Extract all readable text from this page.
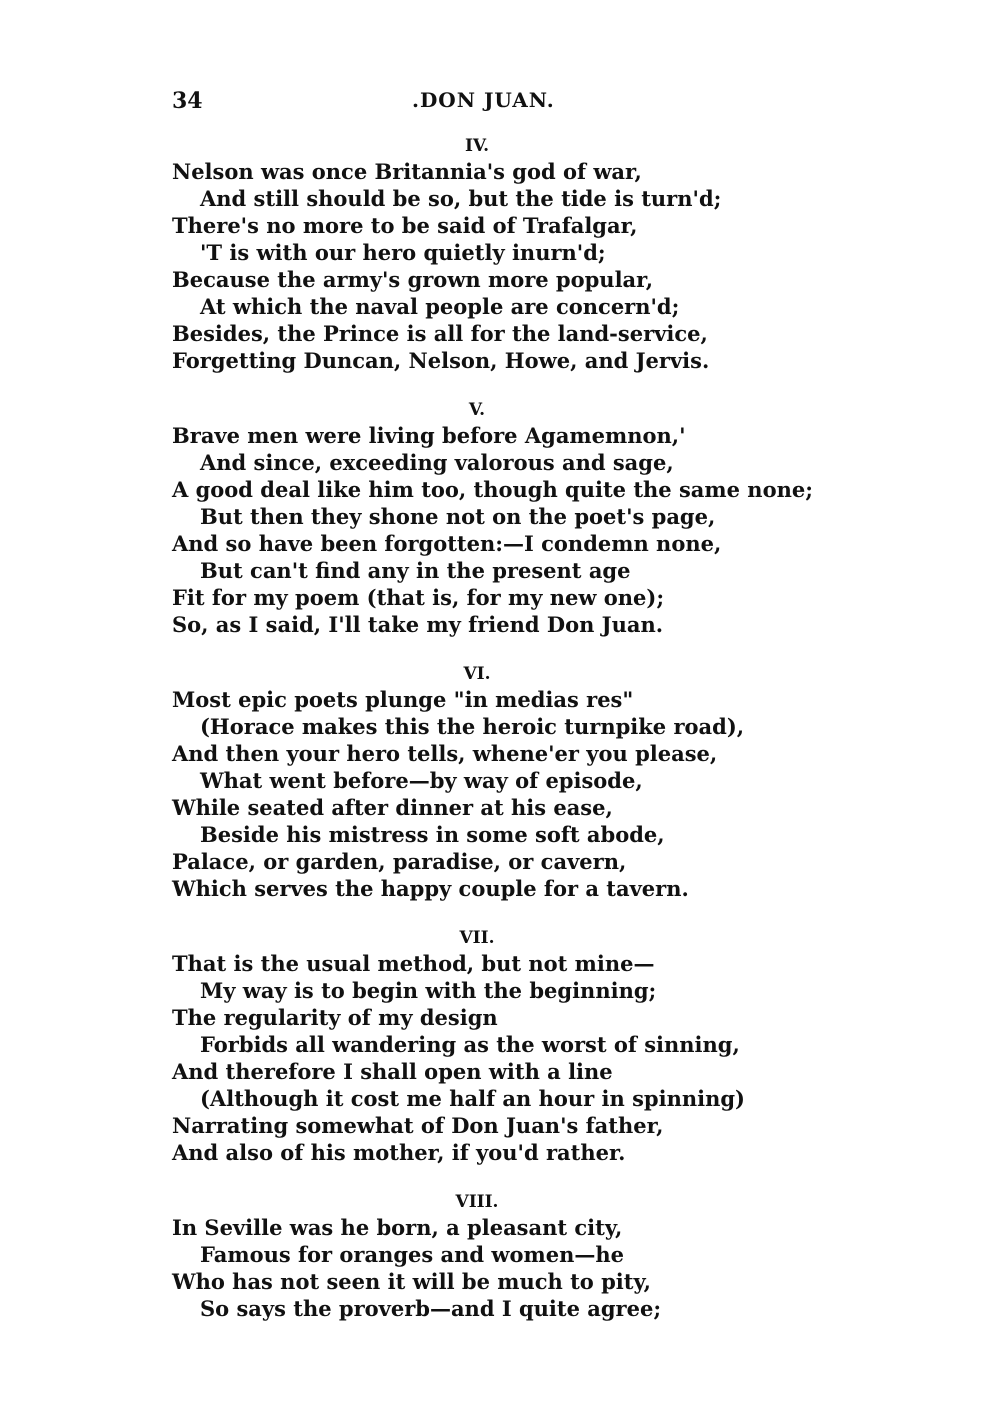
34	.DON JUAN.
IV.
Nelson was once Britannia's god of war,
And still should be so, but the tide is turn'd;
There's no more to be said of Trafalgar,
'T is with our hero quietly inurn'd;
Because the army's grown more popular,
At which the naval people are concern'd;
Besides, the Prince is all for the land-service,
Forgetting Duncan, Nelson, Howe, and Jervis.
V.
Brave men were living before Agamemnon,'
And since, exceeding valorous and sage,
A good deal like him too, though quite the same none;
But then they shone not on the poet's page,
And so have been forgotten:—I condemn none,
But can't find any in the present age
Fit for my poem (that is, for my new one);
So, as I said, I'll take my friend Don Juan.
VI.
Most epic poets plunge "in medias res"
(Horace makes this the heroic turnpike road),
And then your hero tells, whene'er you please,
What went before—by way of episode,
While seated after dinner at his ease,
Beside his mistress in some soft abode,
Palace, or garden, paradise, or cavern,
Which serves the happy couple for a tavern.
VII.
That is the usual method, but not mine—
My way is to begin with the beginning;
The regularity of my design
Forbids all wandering as the worst of sinning,
And therefore I shall open with a line
(Although it cost me half an hour in spinning)
Narrating somewhat of Don Juan's father,
And also of his mother, if you'd rather.
VIII.
In Seville was he born, a pleasant city,
Famous for oranges and women—he
Who has not seen it will be much to pity,
So says the proverb—and I quite agree;
